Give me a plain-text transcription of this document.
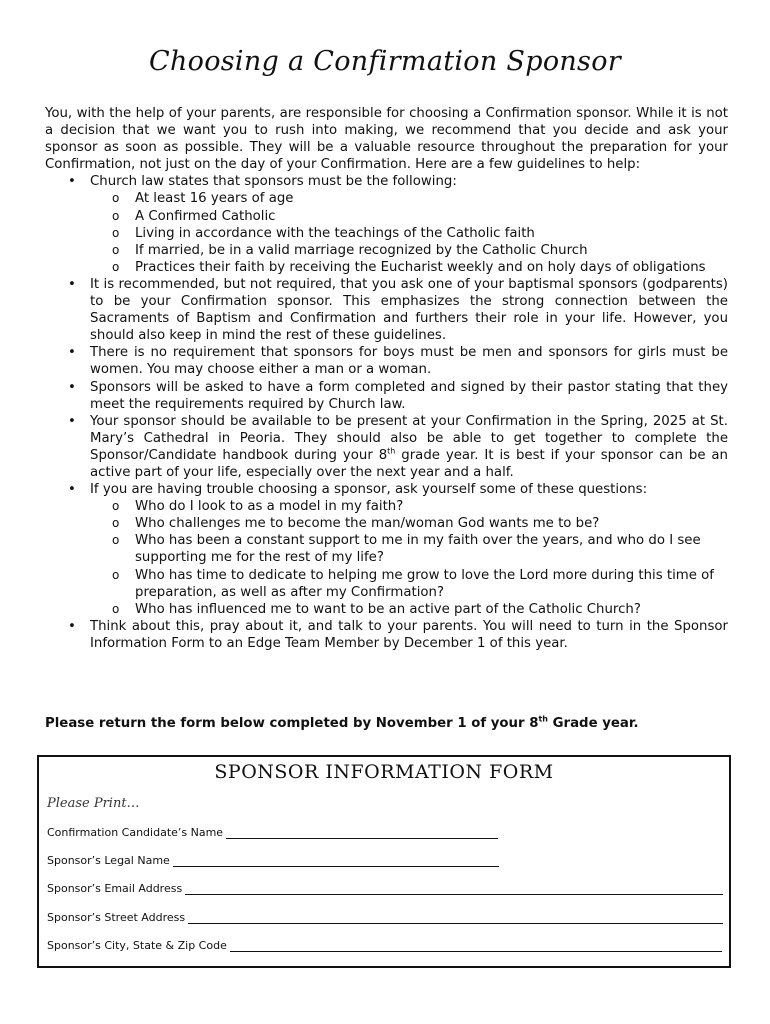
Choosing a Confirmation Sponsor

You, with the help of your parents, are responsible for choosing a Confirmation sponsor. While it is not a decision that we want you to rush into making, we recommend that you decide and ask your sponsor as soon as possible. They will be a valuable resource throughout the preparation for your Confirmation, not just on the day of your Confirmation. Here are a few guidelines to help:

• Church law states that sponsors must be the following:
o At least 16 years of age
o A Confirmed Catholic
o Living in accordance with the teachings of the Catholic faith
o If married, be in a valid marriage recognized by the Catholic Church
o Practices their faith by receiving the Eucharist weekly and on holy days of obligations
• It is recommended, but not required, that you ask one of your baptismal sponsors (godparents) to be your Confirmation sponsor. This emphasizes the strong connection between the Sacraments of Baptism and Confirmation and furthers their role in your life. However, you should also keep in mind the rest of these guidelines.
• There is no requirement that sponsors for boys must be men and sponsors for girls must be women. You may choose either a man or a woman.
• Sponsors will be asked to have a form completed and signed by their pastor stating that they meet the requirements required by Church law.
• Your sponsor should be available to be present at your Confirmation in the Spring, 2025 at St. Mary’s Cathedral in Peoria. They should also be able to get together to complete the Sponsor/Candidate handbook during your 8th grade year. It is best if your sponsor can be an active part of your life, especially over the next year and a half.
• If you are having trouble choosing a sponsor, ask yourself some of these questions:
o Who do I look to as a model in my faith?
o Who challenges me to become the man/woman God wants me to be?
o Who has been a constant support to me in my faith over the years, and who do I see supporting me for the rest of my life?
o Who has time to dedicate to helping me grow to love the Lord more during this time of preparation, as well as after my Confirmation?
o Who has influenced me to want to be an active part of the Catholic Church?
• Think about this, pray about it, and talk to your parents. You will need to turn in the Sponsor Information Form to an Edge Team Member by December 1 of this year.
Please return the form below completed by November 1 of your 8th Grade year.
SPONSOR INFORMATION FORM
Please Print…
Confirmation Candidate’s Name
Sponsor’s Legal Name
Sponsor’s Email Address
Sponsor’s Street Address
Sponsor’s City, State & Zip Code
